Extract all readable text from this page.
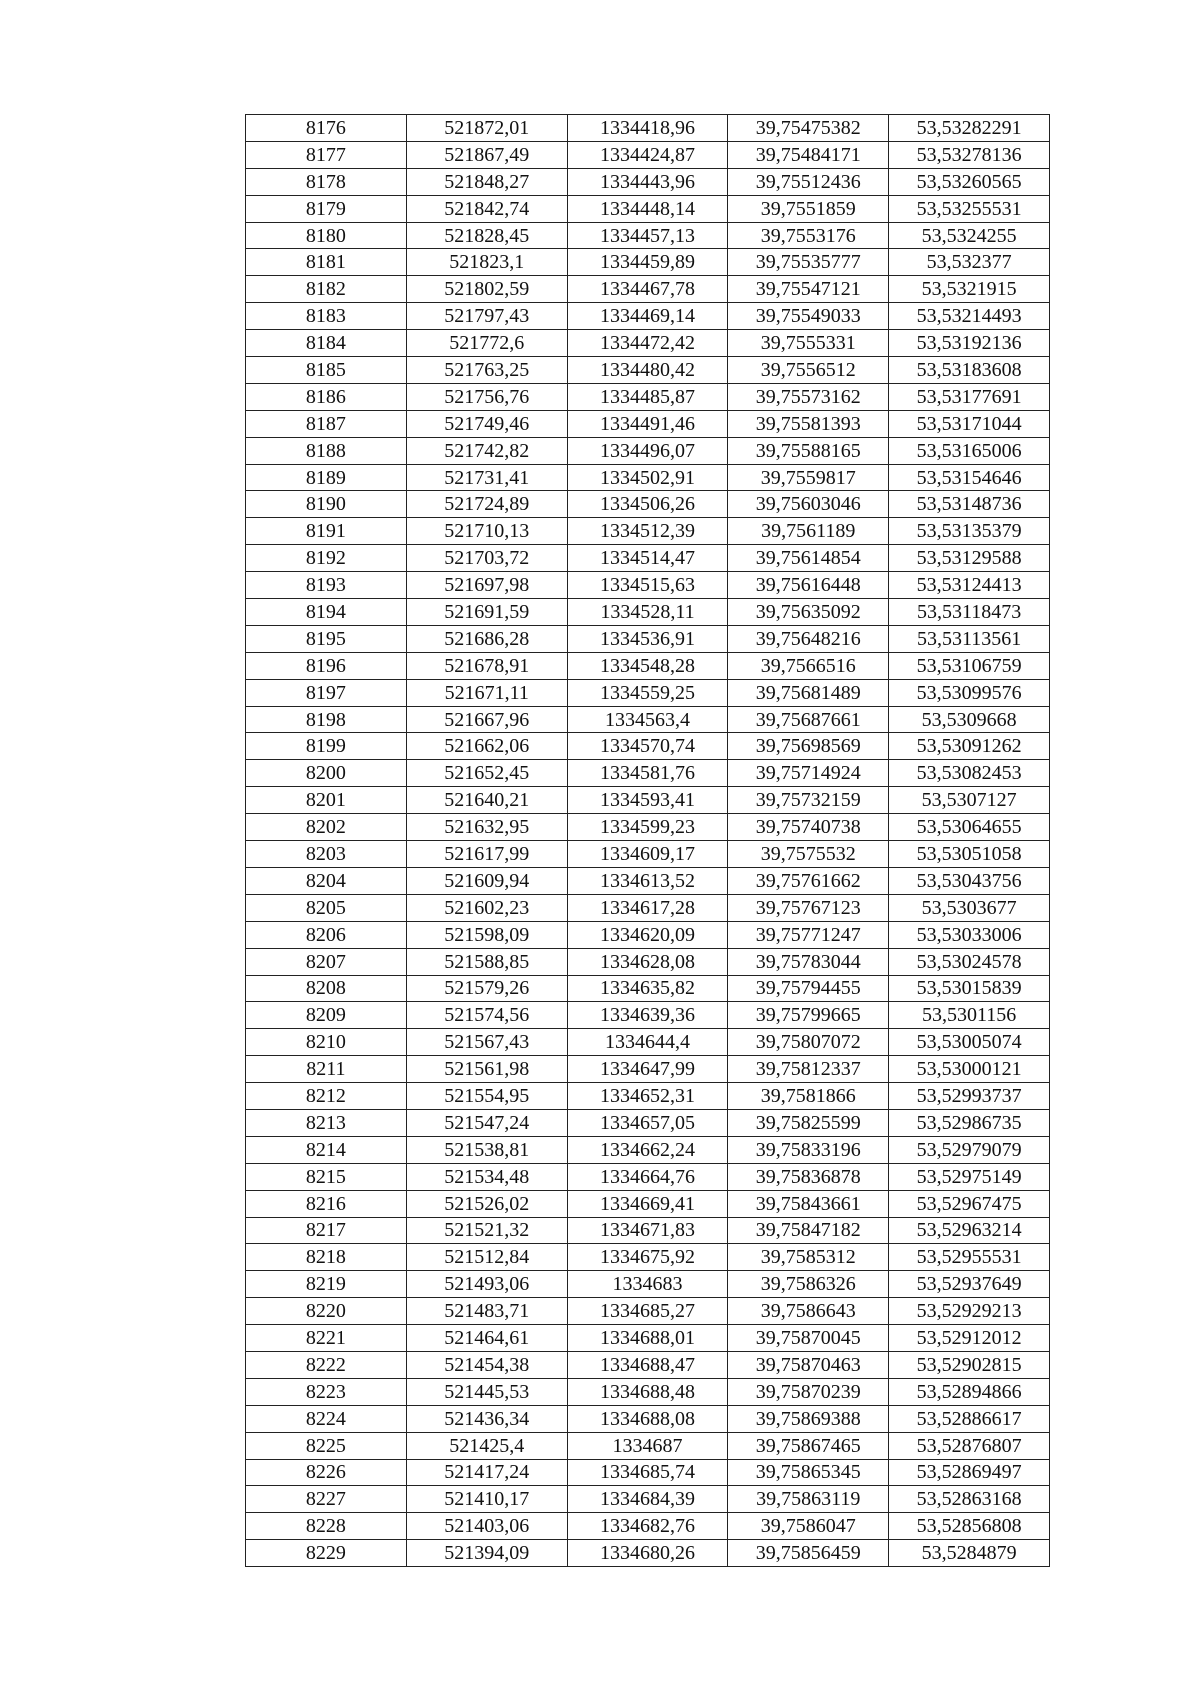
8176	521872,01	1334418,96	39,75475382	53,53282291
8177	521867,49	1334424,87	39,75484171	53,53278136
8178	521848,27	1334443,96	39,75512436	53,53260565
8179	521842,74	1334448,14	39,7551859	53,53255531
8180	521828,45	1334457,13	39,7553176	53,5324255
8181	521823,1	1334459,89	39,75535777	53,532377
8182	521802,59	1334467,78	39,75547121	53,5321915
8183	521797,43	1334469,14	39,75549033	53,53214493
8184	521772,6	1334472,42	39,7555331	53,53192136
8185	521763,25	1334480,42	39,7556512	53,53183608
8186	521756,76	1334485,87	39,75573162	53,53177691
8187	521749,46	1334491,46	39,75581393	53,53171044
8188	521742,82	1334496,07	39,75588165	53,53165006
8189	521731,41	1334502,91	39,7559817	53,53154646
8190	521724,89	1334506,26	39,75603046	53,53148736
8191	521710,13	1334512,39	39,7561189	53,53135379
8192	521703,72	1334514,47	39,75614854	53,53129588
8193	521697,98	1334515,63	39,75616448	53,53124413
8194	521691,59	1334528,11	39,75635092	53,53118473
8195	521686,28	1334536,91	39,75648216	53,53113561
8196	521678,91	1334548,28	39,7566516	53,53106759
8197	521671,11	1334559,25	39,75681489	53,53099576
8198	521667,96	1334563,4	39,75687661	53,5309668
8199	521662,06	1334570,74	39,75698569	53,53091262
8200	521652,45	1334581,76	39,75714924	53,53082453
8201	521640,21	1334593,41	39,75732159	53,5307127
8202	521632,95	1334599,23	39,75740738	53,53064655
8203	521617,99	1334609,17	39,7575532	53,53051058
8204	521609,94	1334613,52	39,75761662	53,53043756
8205	521602,23	1334617,28	39,75767123	53,5303677
8206	521598,09	1334620,09	39,75771247	53,53033006
8207	521588,85	1334628,08	39,75783044	53,53024578
8208	521579,26	1334635,82	39,75794455	53,53015839
8209	521574,56	1334639,36	39,75799665	53,5301156
8210	521567,43	1334644,4	39,75807072	53,53005074
8211	521561,98	1334647,99	39,75812337	53,53000121
8212	521554,95	1334652,31	39,7581866	53,52993737
8213	521547,24	1334657,05	39,75825599	53,52986735
8214	521538,81	1334662,24	39,75833196	53,52979079
8215	521534,48	1334664,76	39,75836878	53,52975149
8216	521526,02	1334669,41	39,75843661	53,52967475
8217	521521,32	1334671,83	39,75847182	53,52963214
8218	521512,84	1334675,92	39,7585312	53,52955531
8219	521493,06	1334683	39,7586326	53,52937649
8220	521483,71	1334685,27	39,7586643	53,52929213
8221	521464,61	1334688,01	39,75870045	53,52912012
8222	521454,38	1334688,47	39,75870463	53,52902815
8223	521445,53	1334688,48	39,75870239	53,52894866
8224	521436,34	1334688,08	39,75869388	53,52886617
8225	521425,4	1334687	39,75867465	53,52876807
8226	521417,24	1334685,74	39,75865345	53,52869497
8227	521410,17	1334684,39	39,75863119	53,52863168
8228	521403,06	1334682,76	39,7586047	53,52856808
8229	521394,09	1334680,26	39,75856459	53,5284879
